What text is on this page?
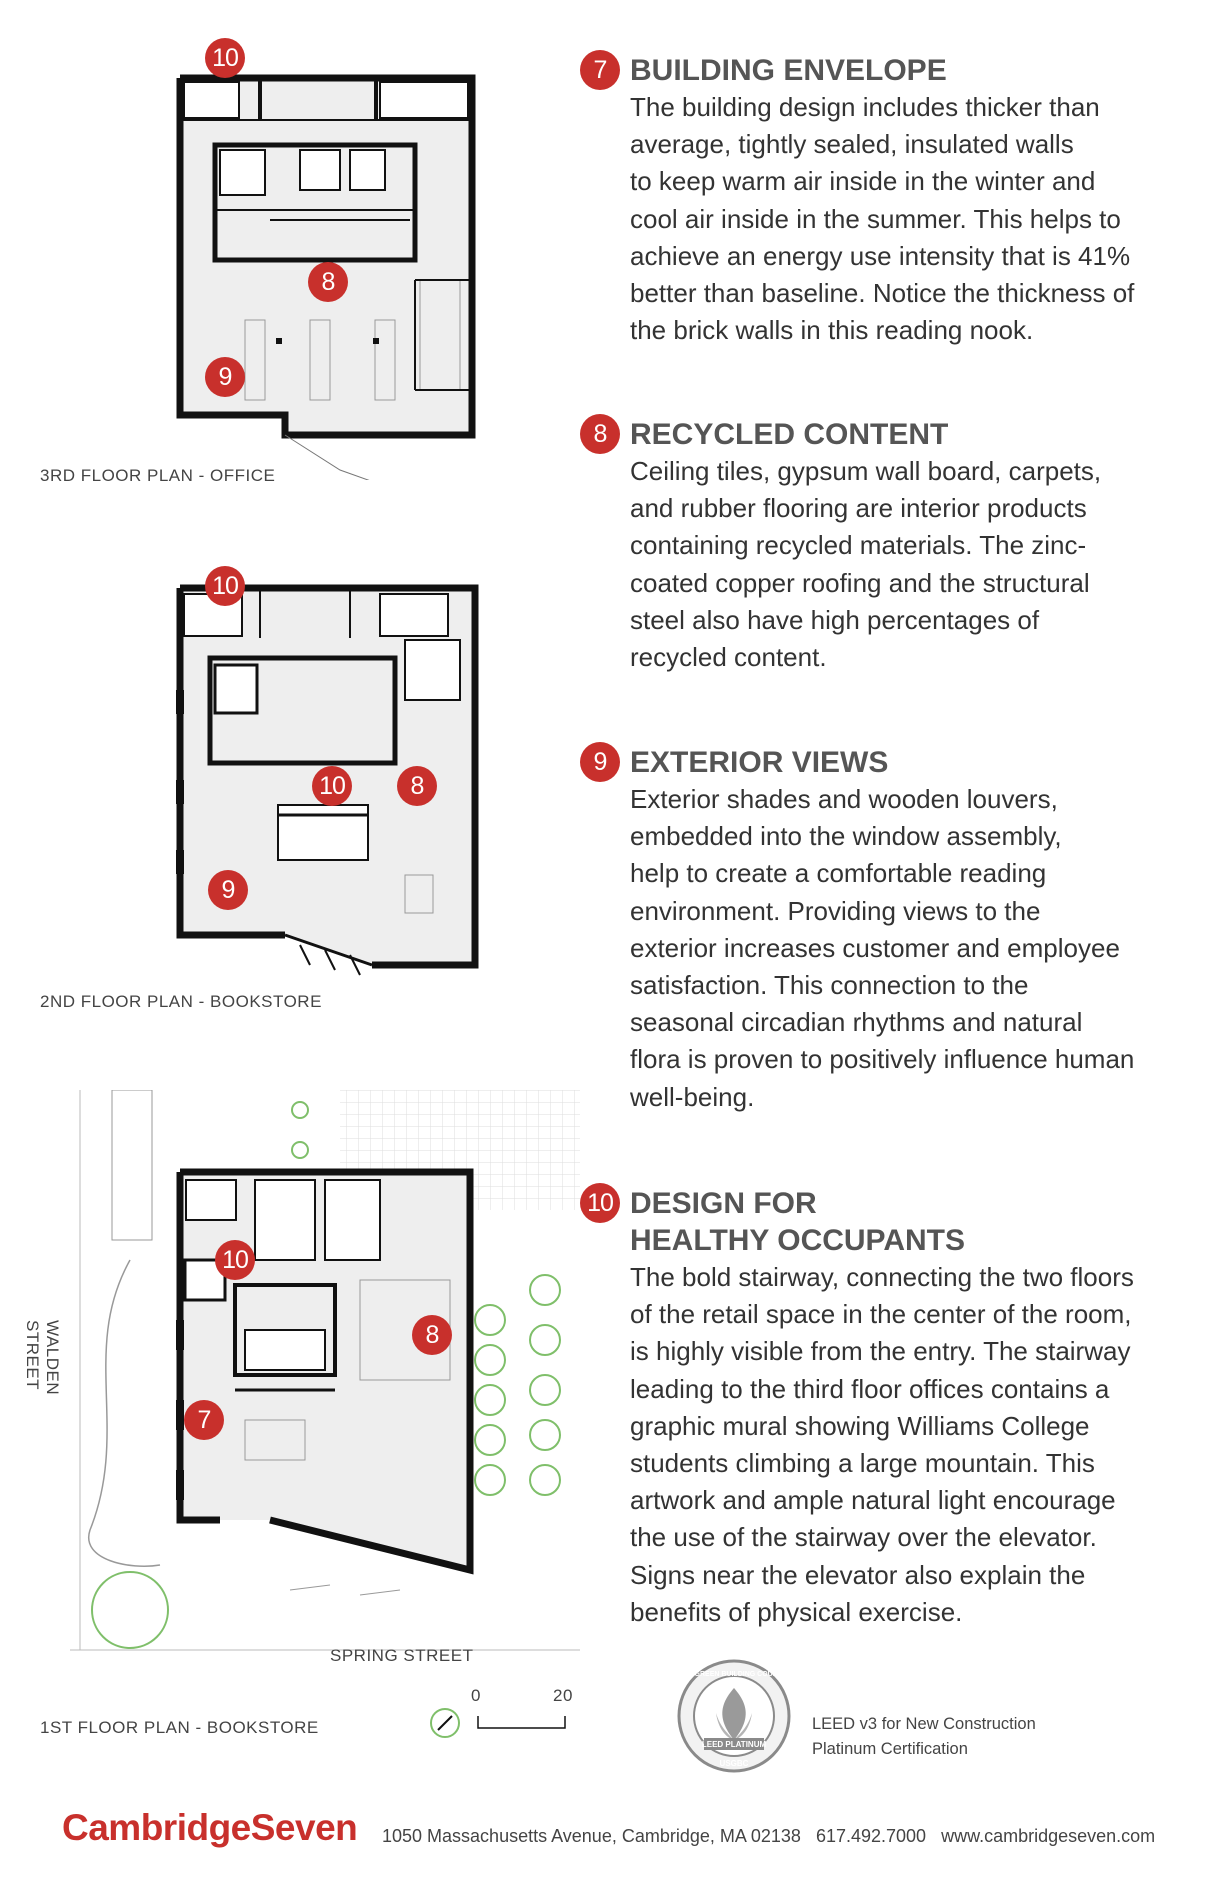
10
8
9
3RD FLOOR PLAN - OFFICE
10
10	8
9
2ND FLOOR PLAN - BOOKSTORE
10
8
7
WALDEN STREET
SPRING STREET
0	20
1ST FLOOR PLAN - BOOKSTORE
7 BUILDING ENVELOPE
The building design includes thicker than
average, tightly sealed, insulated walls
to keep warm air inside in the winter and
cool air inside in the summer. This helps to
achieve an energy use intensity that is 41%
better than baseline. Notice the thickness of
the brick walls in this reading nook.
8 RECYCLED CONTENT
Ceiling tiles, gypsum wall board, carpets,
and rubber flooring are interior products
containing recycled materials. The zinc-
coated copper roofing and the structural
steel also have high percentages of
recycled content.
9 EXTERIOR VIEWS
Exterior shades and wooden louvers,
embedded into the window assembly,
help to create a comfortable reading
environment. Providing views to the
exterior increases customer and employee
satisfaction. This connection to the
seasonal circadian rhythms and natural
flora is proven to positively influence human
well-being.
10 DESIGN FOR
HEALTHY OCCUPANTS
The bold stairway, connecting the two floors
of the retail space in the center of the room,
is highly visible from the entry. The stairway
leading to the third floor offices contains a
graphic mural showing Williams College
students climbing a large mountain. This
artwork and ample natural light encourage
the use of the stairway over the elevator.
Signs near the elevator also explain the
benefits of physical exercise.
LEED PLATINUM
USGBC
U.S. GREEN BUILDING COUNCIL
LEED v3 for New Construction
Platinum Certification
CambridgeSeven 1050 Massachusetts Avenue, Cambridge, MA 02138 617.492.7000 www.cambridgeseven.com
